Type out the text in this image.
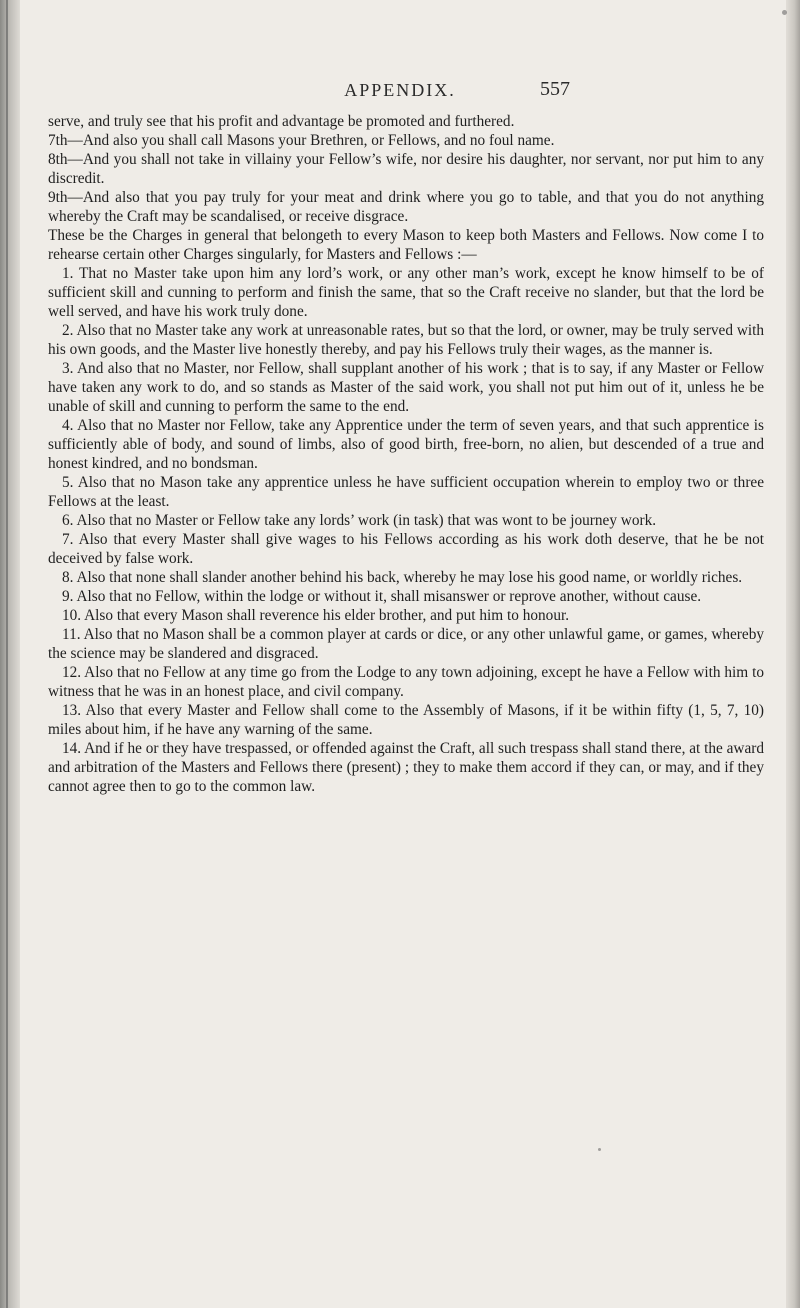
APPENDIX.	557

serve, and truly see that his profit and advantage be promoted and furthered.

7th—And also you shall call Masons your Brethren, or Fellows, and no foul name.

8th—And you shall not take in villainy your Fellow’s wife, nor desire his daughter, nor servant, nor put him to any discredit.

9th—And also that you pay truly for your meat and drink where you go to table, and that you do not anything whereby the Craft may be scandalised, or receive disgrace.

These be the Charges in general that belongeth to every Mason to keep both Masters and Fellows. Now come I to rehearse certain other Charges singularly, for Masters and Fellows :—

1. That no Master take upon him any lord’s work, or any other man’s work, except he know himself to be of sufficient skill and cunning to perform and finish the same, that so the Craft receive no slander, but that the lord be well served, and have his work truly done.

2. Also that no Master take any work at unreasonable rates, but so that the lord, or owner, may be truly served with his own goods, and the Master live honestly thereby, and pay his Fellows truly their wages, as the manner is.

3. And also that no Master, nor Fellow, shall supplant another of his work ; that is to say, if any Master or Fellow have taken any work to do, and so stands as Master of the said work, you shall not put him out of it, unless he be unable of skill and cunning to perform the same to the end.

4. Also that no Master nor Fellow, take any Apprentice under the term of seven years, and that such apprentice is sufficiently able of body, and sound of limbs, also of good birth, free-born, no alien, but descended of a true and honest kindred, and no bondsman.

5. Also that no Mason take any apprentice unless he have sufficient occupation wherein to employ two or three Fellows at the least.

6. Also that no Master or Fellow take any lords’ work (in task) that was wont to be journey work.

7. Also that every Master shall give wages to his Fellows according as his work doth deserve, that he be not deceived by false work.

8. Also that none shall slander another behind his back, whereby he may lose his good name, or worldly riches.

9. Also that no Fellow, within the lodge or without it, shall misanswer or reprove another, without cause.

10. Also that every Mason shall reverence his elder brother, and put him to honour.

11. Also that no Mason shall be a common player at cards or dice, or any other unlawful game, or games, whereby the science may be slandered and disgraced.

12. Also that no Fellow at any time go from the Lodge to any town adjoining, except he have a Fellow with him to witness that he was in an honest place, and civil company.

13. Also that every Master and Fellow shall come to the Assembly of Masons, if it be within fifty (1, 5, 7, 10) miles about him, if he have any warning of the same.

14. And if he or they have trespassed, or offended against the Craft, all such trespass shall stand there, at the award and arbitration of the Masters and Fellows there (present) ; they to make them accord if they can, or may, and if they cannot agree then to go to the common law.
